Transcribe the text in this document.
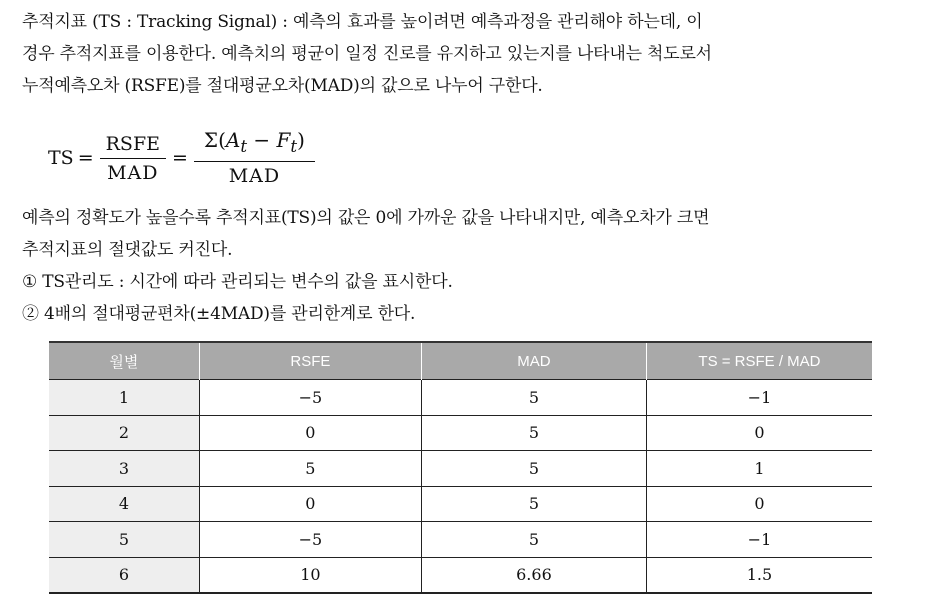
추적지표 (TS : Tracking Signal) : 예측의 효과를 높이려면 예측과정을 관리해야 하는데, 이
경우 추적지표를 이용한다. 예측치의 평균이 일정 진로를 유지하고 있는지를 나타내는 척도로서
누적예측오차 (RSFE)를 절대평균오차(MAD)의 값으로 나누어 구한다.
TS = $\frac{\text{RSFE}}{\text{MAD}} = \frac{\Sigma(A_t - F_t)}{\text{MAD}}$
예측의 정확도가 높을수록 추적지표(TS)의 값은 0에 가까운 값을 나타내지만, 예측오차가 크면
추적지표의 절댓값도 커진다.
① TS관리도 : 시간에 따라 관리되는 변수의 값을 표시한다.
② 4배의 절대평균편차(±4MAD)를 관리한계로 한다.
월별	RSFE	MAD	TS = RSFE / MAD
1	−5	5	−1
2	0	5	0
3	5	5	1
4	0	5	0
5	−5	5	−1
6	10	6.66	1.5
